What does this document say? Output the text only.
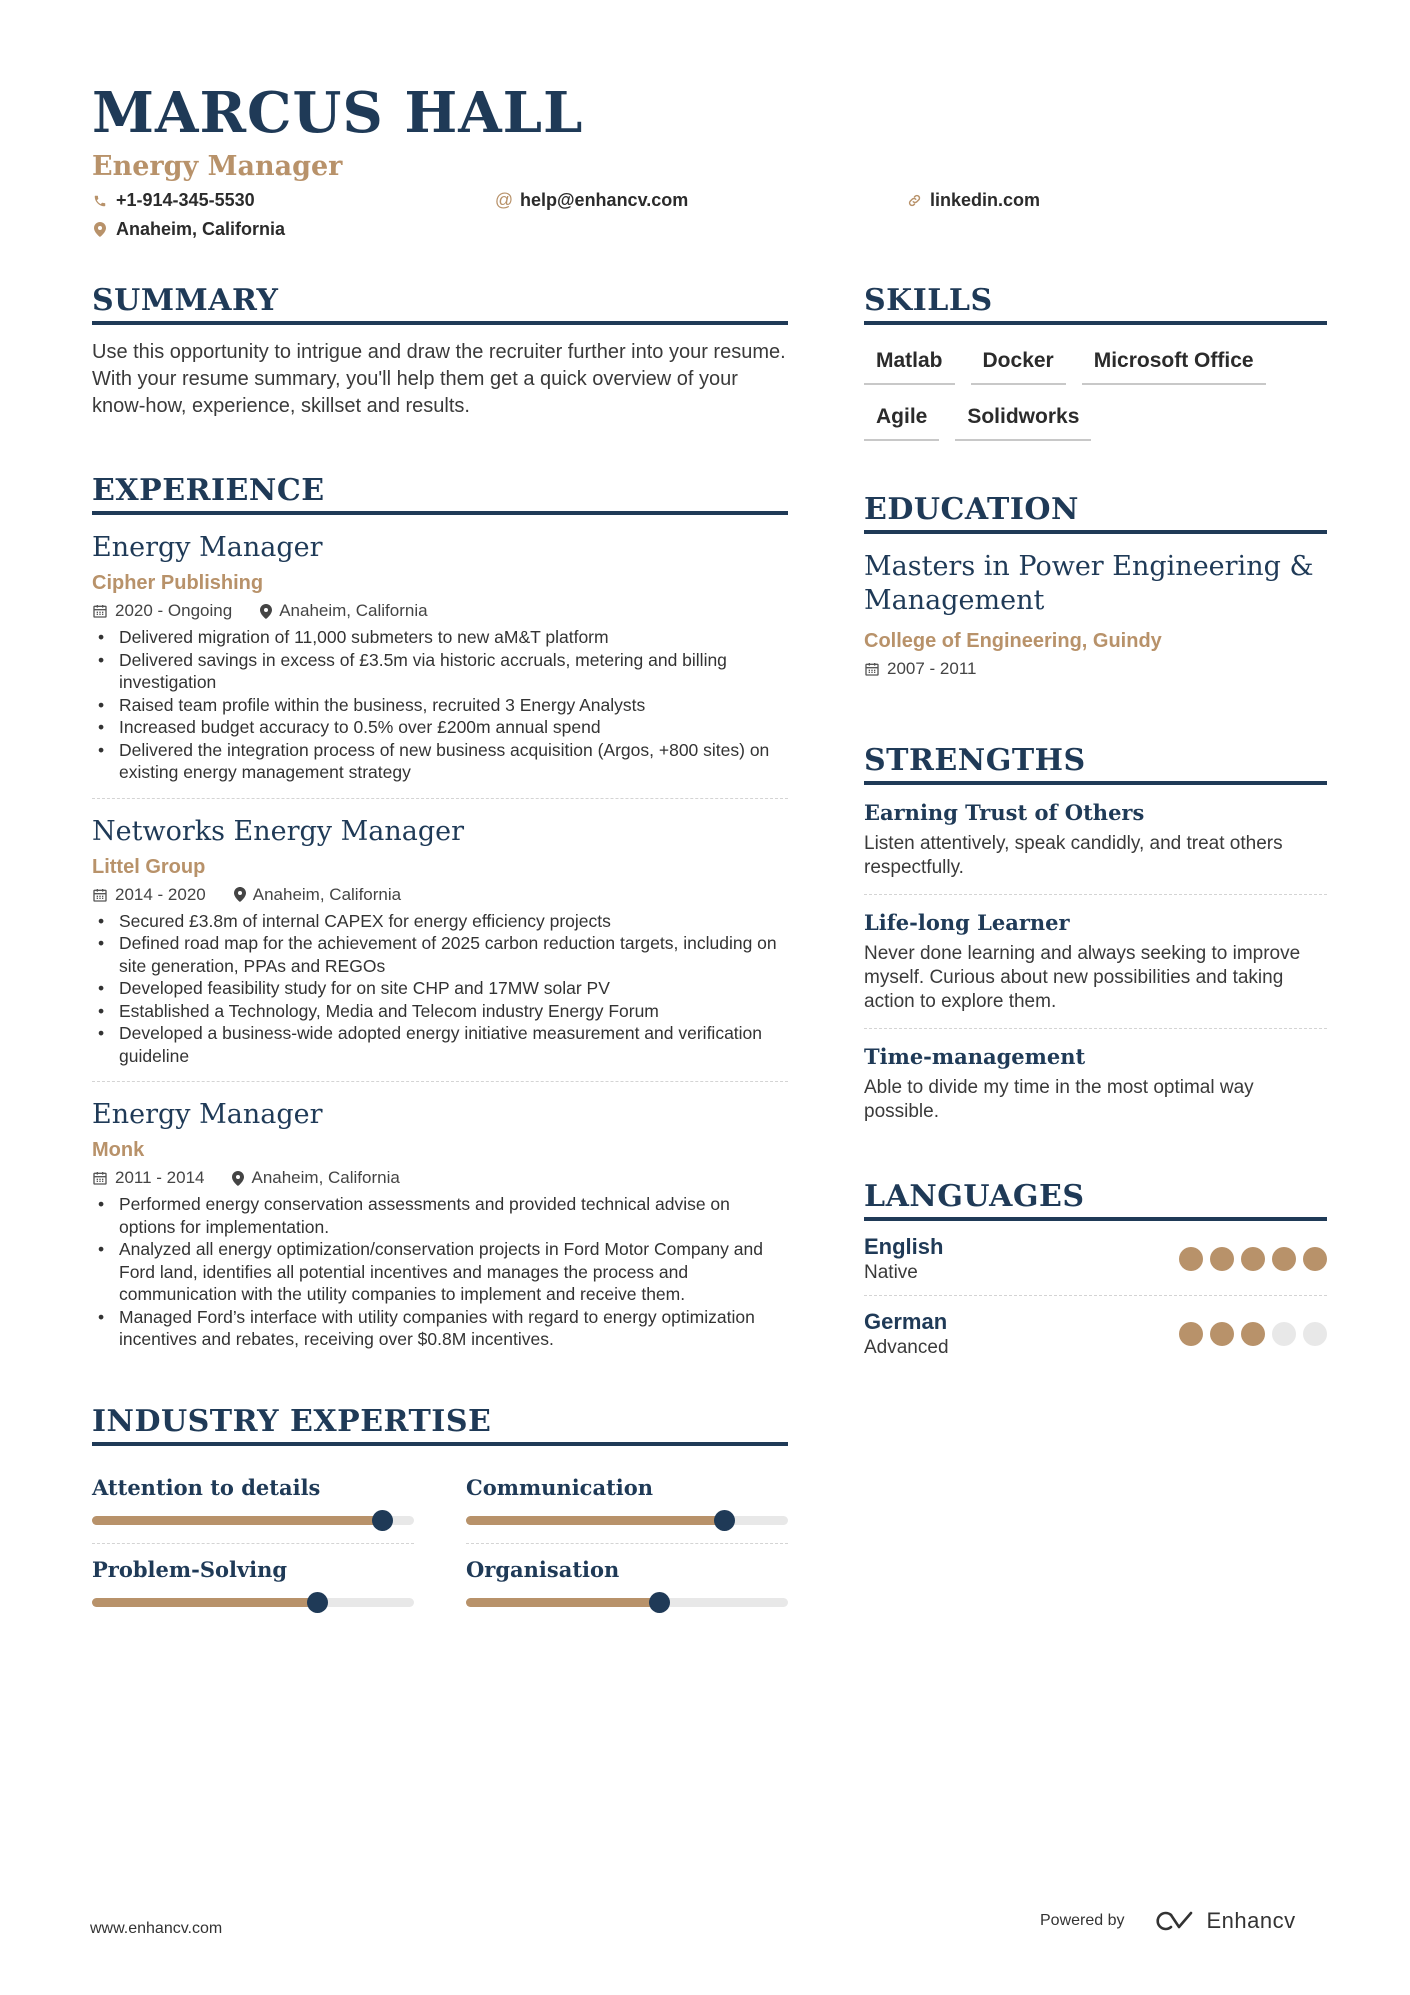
MARCUS HALL
Energy Manager
+1-914-345-5530	@ help@enhancv.com	linkedin.com
Anaheim, California
SUMMARY

Use this opportunity to intrigue and draw the recruiter further into your resume. With your resume summary, you'll help them get a quick overview of your know-how, experience, skillset and results.

EXPERIENCE
Energy Manager
Cipher Publishing
2020 - Ongoing	Anaheim, California
• Delivered migration of 11,000 submeters to new aM&T platform
• Delivered savings in excess of £3.5m via historic accruals, metering and billing investigation
• Raised team profile within the business, recruited 3 Energy Analysts
• Increased budget accuracy to 0.5% over £200m annual spend
• Delivered the integration process of new business acquisition (Argos, +800 sites) on existing energy management strategy
Networks Energy Manager
Littel Group
2014 - 2020	Anaheim, California
• Secured £3.8m of internal CAPEX for energy efficiency projects
• Defined road map for the achievement of 2025 carbon reduction targets, including on site generation, PPAs and REGOs
• Developed feasibility study for on site CHP and 17MW solar PV
• Established a Technology, Media and Telecom industry Energy Forum
• Developed a business-wide adopted energy initiative measurement and verification guideline
Energy Manager
Monk
2011 - 2014	Anaheim, California
• Performed energy conservation assessments and provided technical advise on options for implementation.
• Analyzed all energy optimization/conservation projects in Ford Motor Company and Ford land, identifies all potential incentives and manages the process and communication with the utility companies to implement and receive them.
• Managed Ford’s interface with utility companies with regard to energy optimization incentives and rebates, receiving over $0.8M incentives.
INDUSTRY EXPERTISE
Attention to details	Communication
Problem-Solving	Organisation
SKILLS
Matlab	Docker	Microsoft Office
Agile	Solidworks
EDUCATION
Masters in Power Engineering & Management
College of Engineering, Guindy
2007 - 2011
STRENGTHS
Earning Trust of Others
Listen attentively, speak candidly, and treat others respectfully.
Life-long Learner
Never done learning and always seeking to improve myself. Curious about new possibilities and taking action to explore them.
Time-management
Able to divide my time in the most optimal way possible.
LANGUAGES
English
Native
German
Advanced
www.enhancv.com	Powered by	Enhancv
